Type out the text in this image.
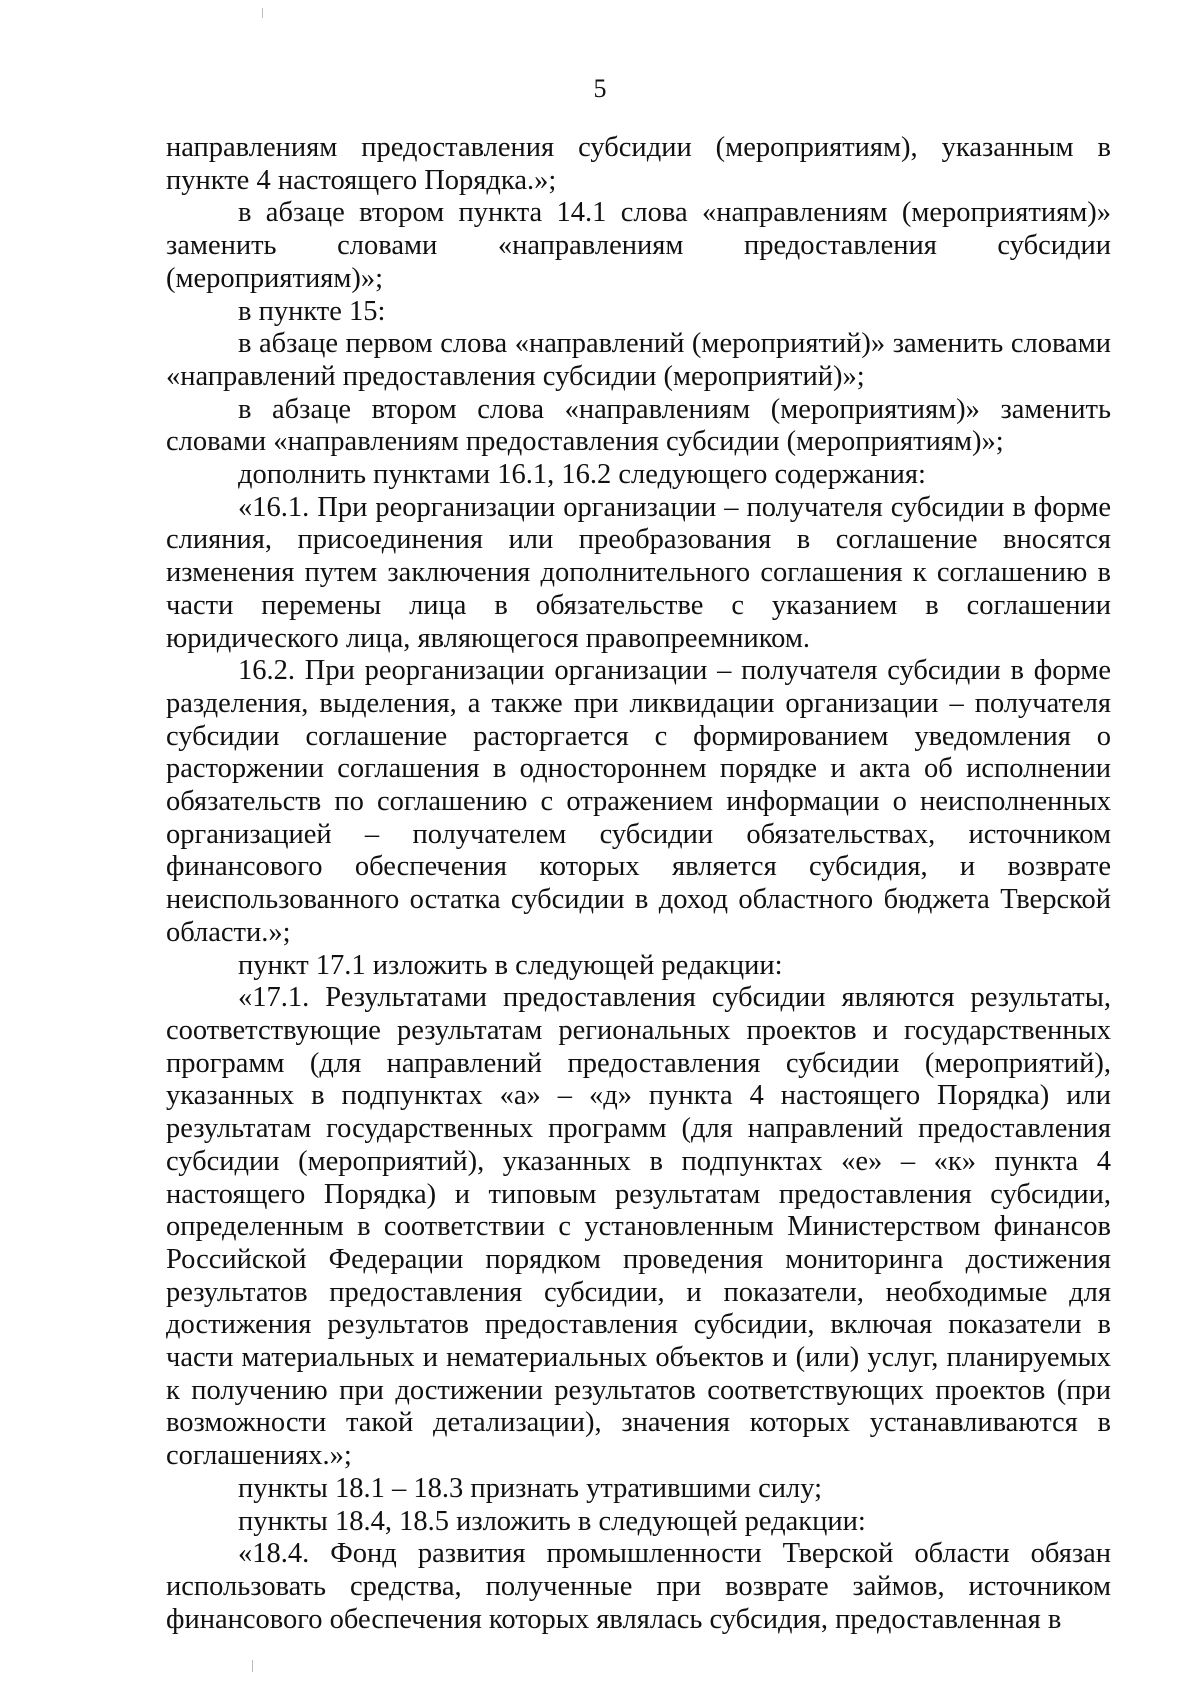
5

направлениям предоставления субсидии (мероприятиям), указанным в пункте 4 настоящего Порядка.»;

в абзаце втором пункта 14.1 слова «направлениям (мероприятиям)» заменить словами «направлениям предоставления субсидии (мероприятиям)»;

в пункте 15:

в абзаце первом слова «направлений (мероприятий)» заменить словами «направлений предоставления субсидии (мероприятий)»;

в абзаце втором слова «направлениям (мероприятиям)» заменить словами «направлениям предоставления субсидии (мероприятиям)»;

дополнить пунктами 16.1, 16.2 следующего содержания:

«16.1. При реорганизации организации – получателя субсидии в форме слияния, присоединения или преобразования в соглашение вносятся изменения путем заключения дополнительного соглашения к соглашению в части перемены лица в обязательстве с указанием в соглашении юридического лица, являющегося правопреемником.

16.2. При реорганизации организации – получателя субсидии в форме разделения, выделения, а также при ликвидации организации – получателя субсидии соглашение расторгается с формированием уведомления о расторжении соглашения в одностороннем порядке и акта об исполнении обязательств по соглашению с отражением информации о неисполненных организацией – получателем субсидии обязательствах, источником финансового обеспечения которых является субсидия, и возврате неиспользованного остатка субсидии в доход областного бюджета Тверской области.»;

пункт 17.1 изложить в следующей редакции:

«17.1. Результатами предоставления субсидии являются результаты, соответствующие результатам региональных проектов и государственных программ (для направлений предоставления субсидии (мероприятий), указанных в подпунктах «а» – «д» пункта 4 настоящего Порядка) или результатам государственных программ (для направлений предоставления субсидии (мероприятий), указанных в подпунктах «е» – «к» пункта 4 настоящего Порядка) и типовым результатам предоставления субсидии, определенным в соответствии с установленным Министерством финансов Российской Федерации порядком проведения мониторинга достижения результатов предоставления субсидии, и показатели, необходимые для достижения результатов предоставления субсидии, включая показатели в части материальных и нематериальных объектов и (или) услуг, планируемых к получению при достижении результатов соответствующих проектов (при возможности такой детализации), значения которых устанавливаются в соглашениях.»;

пункты 18.1 – 18.3 признать утратившими силу;

пункты 18.4, 18.5 изложить в следующей редакции:

«18.4. Фонд развития промышленности Тверской области обязан использовать средства, полученные при возврате займов, источником финансового обеспечения которых являлась субсидия, предоставленная в
